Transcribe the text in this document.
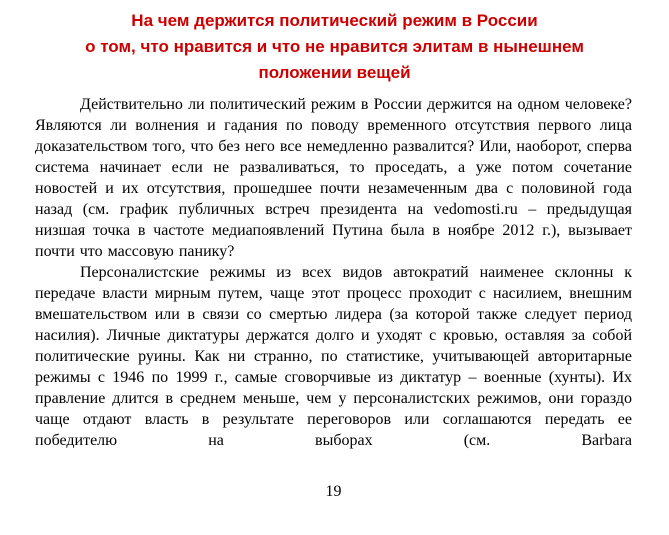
На чем держится политический режим в России
о том, что нравится и что не нравится элитам в нынешнем
положении вещей

Действительно ли политический режим в России держится на одном человеке? Являются ли волнения и гадания по поводу временного отсутствия первого лица доказательством того, что без него все немедленно развалится? Или, наоборот, сперва система начинает если не разваливаться, то проседать, а уже потом сочетание новостей и их отсутствия, прошедшее почти незамеченным два с половиной года назад (см. график публичных встреч президента на vedomosti.ru – предыдущая низшая точка в частоте медиапоявлений Путина была в ноябре 2012 г.), вызывает почти что массовую панику?

Персоналистские режимы из всех видов автократий наименее склонны к передаче власти мирным путем, чаще этот процесс проходит с насилием, внешним вмешательством или в связи со смертью лидера (за которой также следует период насилия). Личные диктатуры держатся долго и уходят с кровью, оставляя за собой политические руины. Как ни странно, по статистике, учитывающей авторитарные режимы с 1946 по 1999 г., самые сговорчивые из диктатур – военные (хунты). Их правление длится в среднем меньше, чем у персоналистских режимов, они гораздо чаще отдают власть в результате переговоров или соглашаются передать ее победителю на выборах (см. Barbara

19
